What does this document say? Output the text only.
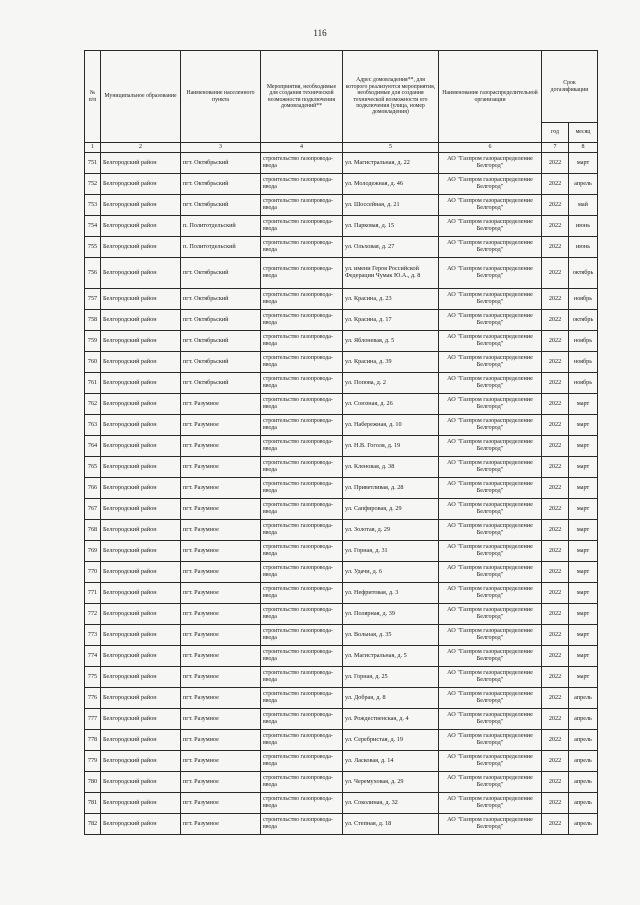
116
№ п/п	Муниципальное образование	Наименование населенного пункта	Мероприятия, необходимые для создания технической возможности подключения домовладений**	Адрес домовладения**, для которого реализуются мероприятия, необходимые для создания технической возможности его подключения (улица, номер домовладения)	Наименование газораспределительной организации	Срок догазификации	
						год	месяц
1	2	3	4	5	6	7	8
751	Белгородский район	пгт. Октябрьский	строительство газопровода-ввода	ул. Магистральная, д. 22	АО "Газпром газораспределение Белгород"	2022	март
752	Белгородский район	пгт. Октябрьский	строительство газопровода-ввода	ул. Молодежная, д. 46	АО "Газпром газораспределение Белгород"	2022	апрель
753	Белгородский район	пгт. Октябрьский	строительство газопровода-ввода	ул. Шоссейная, д. 21	АО "Газпром газораспределение Белгород"	2022	май
754	Белгородский район	п. Политотдельский	строительство газопровода-ввода	ул. Парковая, д. 15	АО "Газпром газораспределение Белгород"	2022	июнь
755	Белгородский район	п. Политотдельский	строительство газопровода-ввода	ул. Ольховая, д. 27	АО "Газпром газораспределение Белгород"	2022	июнь
756	Белгородский район	пгт. Октябрьский	строительство газопровода-ввода	ул. имени Героя Российской Федерации Чумак Ю.А., д. 8	АО "Газпром газораспределение Белгород"	2022	октябрь
757	Белгородский район	пгт. Октябрьский	строительство газопровода-ввода	ул. Красина, д. 23	АО "Газпром газораспределение Белгород"	2022	ноябрь
758	Белгородский район	пгт. Октябрьский	строительство газопровода-ввода	ул. Красина, д. 17	АО "Газпром газораспределение Белгород"	2022	октябрь
759	Белгородский район	пгт. Октябрьский	строительство газопровода-ввода	ул. Яблоневая, д. 5	АО "Газпром газораспределение Белгород"	2022	ноябрь
760	Белгородский район	пгт. Октябрьский	строительство газопровода-ввода	ул. Красина, д. 39	АО "Газпром газораспределение Белгород"	2022	ноябрь
761	Белгородский район	пгт. Октябрьский	строительство газопровода-ввода	ул. Попова, д. 2	АО "Газпром газораспределение Белгород"	2022	ноябрь
762	Белгородский район	пгт. Разумное	строительство газопровода-ввода	ул. Союзная, д. 26	АО "Газпром газораспределение Белгород"	2022	март
763	Белгородский район	пгт. Разумное	строительство газопровода-ввода	ул. Набережная, д. 10	АО "Газпром газораспределение Белгород"	2022	март
764	Белгородский район	пгт. Разумное	строительство газопровода-ввода	ул. Н.В. Гоголя, д. 19	АО "Газпром газораспределение Белгород"	2022	март
765	Белгородский район	пгт. Разумное	строительство газопровода-ввода	ул. Кленовая, д. 38	АО "Газпром газораспределение Белгород"	2022	март
766	Белгородский район	пгт. Разумное	строительство газопровода-ввода	ул. Приветливая, д. 28	АО "Газпром газораспределение Белгород"	2022	март
767	Белгородский район	пгт. Разумное	строительство газопровода-ввода	ул. Сапфировая, д. 29	АО "Газпром газораспределение Белгород"	2022	март
768	Белгородский район	пгт. Разумное	строительство газопровода-ввода	ул. Золотая, д. 29	АО "Газпром газораспределение Белгород"	2022	март
769	Белгородский район	пгт. Разумное	строительство газопровода-ввода	ул. Горная, д. 31	АО "Газпром газораспределение Белгород"	2022	март
770	Белгородский район	пгт. Разумное	строительство газопровода-ввода	ул. Удачи, д. 6	АО "Газпром газораспределение Белгород"	2022	март
771	Белгородский район	пгт. Разумное	строительство газопровода-ввода	ул. Нефритовая, д. 3	АО "Газпром газораспределение Белгород"	2022	март
772	Белгородский район	пгт. Разумное	строительство газопровода-ввода	ул. Полярная, д. 39	АО "Газпром газораспределение Белгород"	2022	март
773	Белгородский район	пгт. Разумное	строительство газопровода-ввода	ул. Вольная, д. 35	АО "Газпром газораспределение Белгород"	2022	март
774	Белгородский район	пгт. Разумное	строительство газопровода-ввода	ул. Магистральная, д. 5	АО "Газпром газораспределение Белгород"	2022	март
775	Белгородский район	пгт. Разумное	строительство газопровода-ввода	ул. Горная, д. 25	АО "Газпром газораспределение Белгород"	2022	март
776	Белгородский район	пгт. Разумное	строительство газопровода-ввода	ул. Добрая, д. 8	АО "Газпром газораспределение Белгород"	2022	апрель
777	Белгородский район	пгт. Разумное	строительство газопровода-ввода	ул. Рождественская, д. 4	АО "Газпром газораспределение Белгород"	2022	апрель
778	Белгородский район	пгт. Разумное	строительство газопровода-ввода	ул. Серебристая, д. 19	АО "Газпром газораспределение Белгород"	2022	апрель
779	Белгородский район	пгт. Разумное	строительство газопровода-ввода	ул. Ласковая, д. 14	АО "Газпром газораспределение Белгород"	2022	апрель
780	Белгородский район	пгт. Разумное	строительство газопровода-ввода	ул. Черемуховая, д. 29	АО "Газпром газораспределение Белгород"	2022	апрель
781	Белгородский район	пгт. Разумное	строительство газопровода-ввода	ул. Соколиная, д. 32	АО "Газпром газораспределение Белгород"	2022	апрель
782	Белгородский район	пгт. Разумное	строительство газопровода-ввода	ул. Степная, д. 18	АО "Газпром газораспределение Белгород"	2022	апрель
